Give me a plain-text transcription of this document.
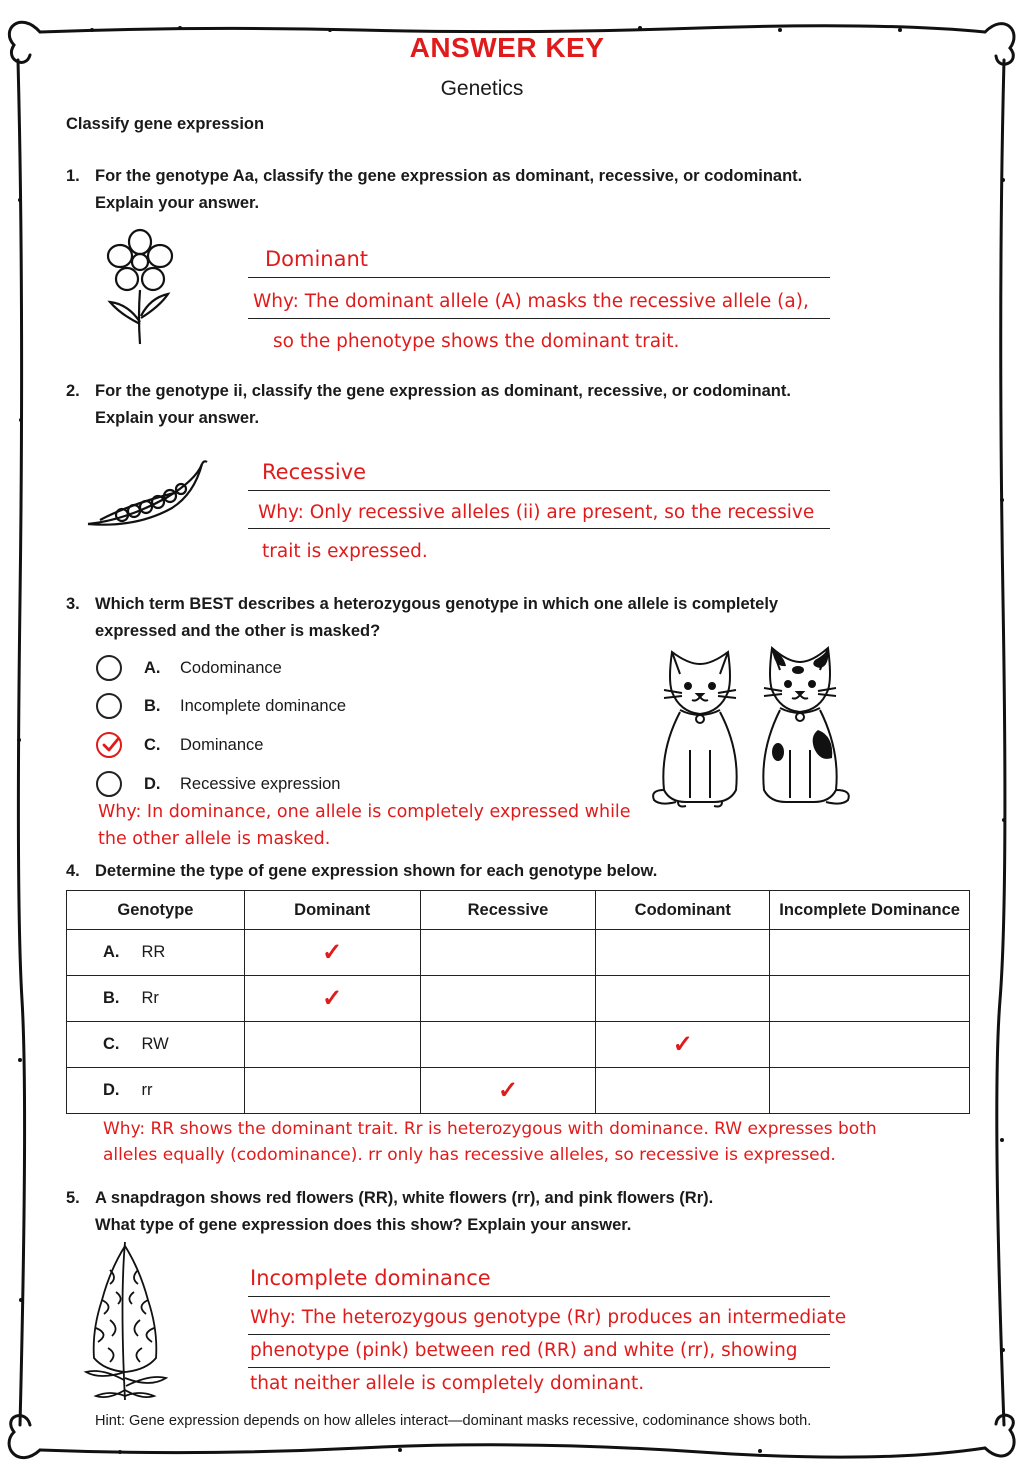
ANSWER KEY
Genetics
Classify gene expression
1. For the genotype Aa, classify the gene expression as dominant, recessive, or codominant.
Explain your answer.
Dominant
Why: The dominant allele (A) masks the recessive allele (a),
so the phenotype shows the dominant trait.
2. For the genotype ii, classify the gene expression as dominant, recessive, or codominant.
Explain your answer.
Recessive
Why: Only recessive alleles (ii) are present, so the recessive
trait is expressed.
3. Which term BEST describes a heterozygous genotype in which one allele is completely
expressed and the other is masked?
A. Codominance
B. Incomplete dominance
C. Dominance
D. Recessive expression
Why: In dominance, one allele is completely expressed while
the other allele is masked.
4. Determine the type of gene expression shown for each genotype below.
Genotype	Dominant	Recessive	Codominant	Incomplete Dominance
A. RR	✓			
B. Rr	✓			
C. RW			✓	
D. rr		✓		
Why: RR shows the dominant trait. Rr is heterozygous with dominance. RW expresses both
alleles equally (codominance). rr only has recessive alleles, so recessive is expressed.
5. A snapdragon shows red flowers (RR), white flowers (rr), and pink flowers (Rr).
What type of gene expression does this show? Explain your answer.
Incomplete dominance
Why: The heterozygous genotype (Rr) produces an intermediate
phenotype (pink) between red (RR) and white (rr), showing
that neither allele is completely dominant.
Hint: Gene expression depends on how alleles interact—dominant masks recessive, codominance shows both.
